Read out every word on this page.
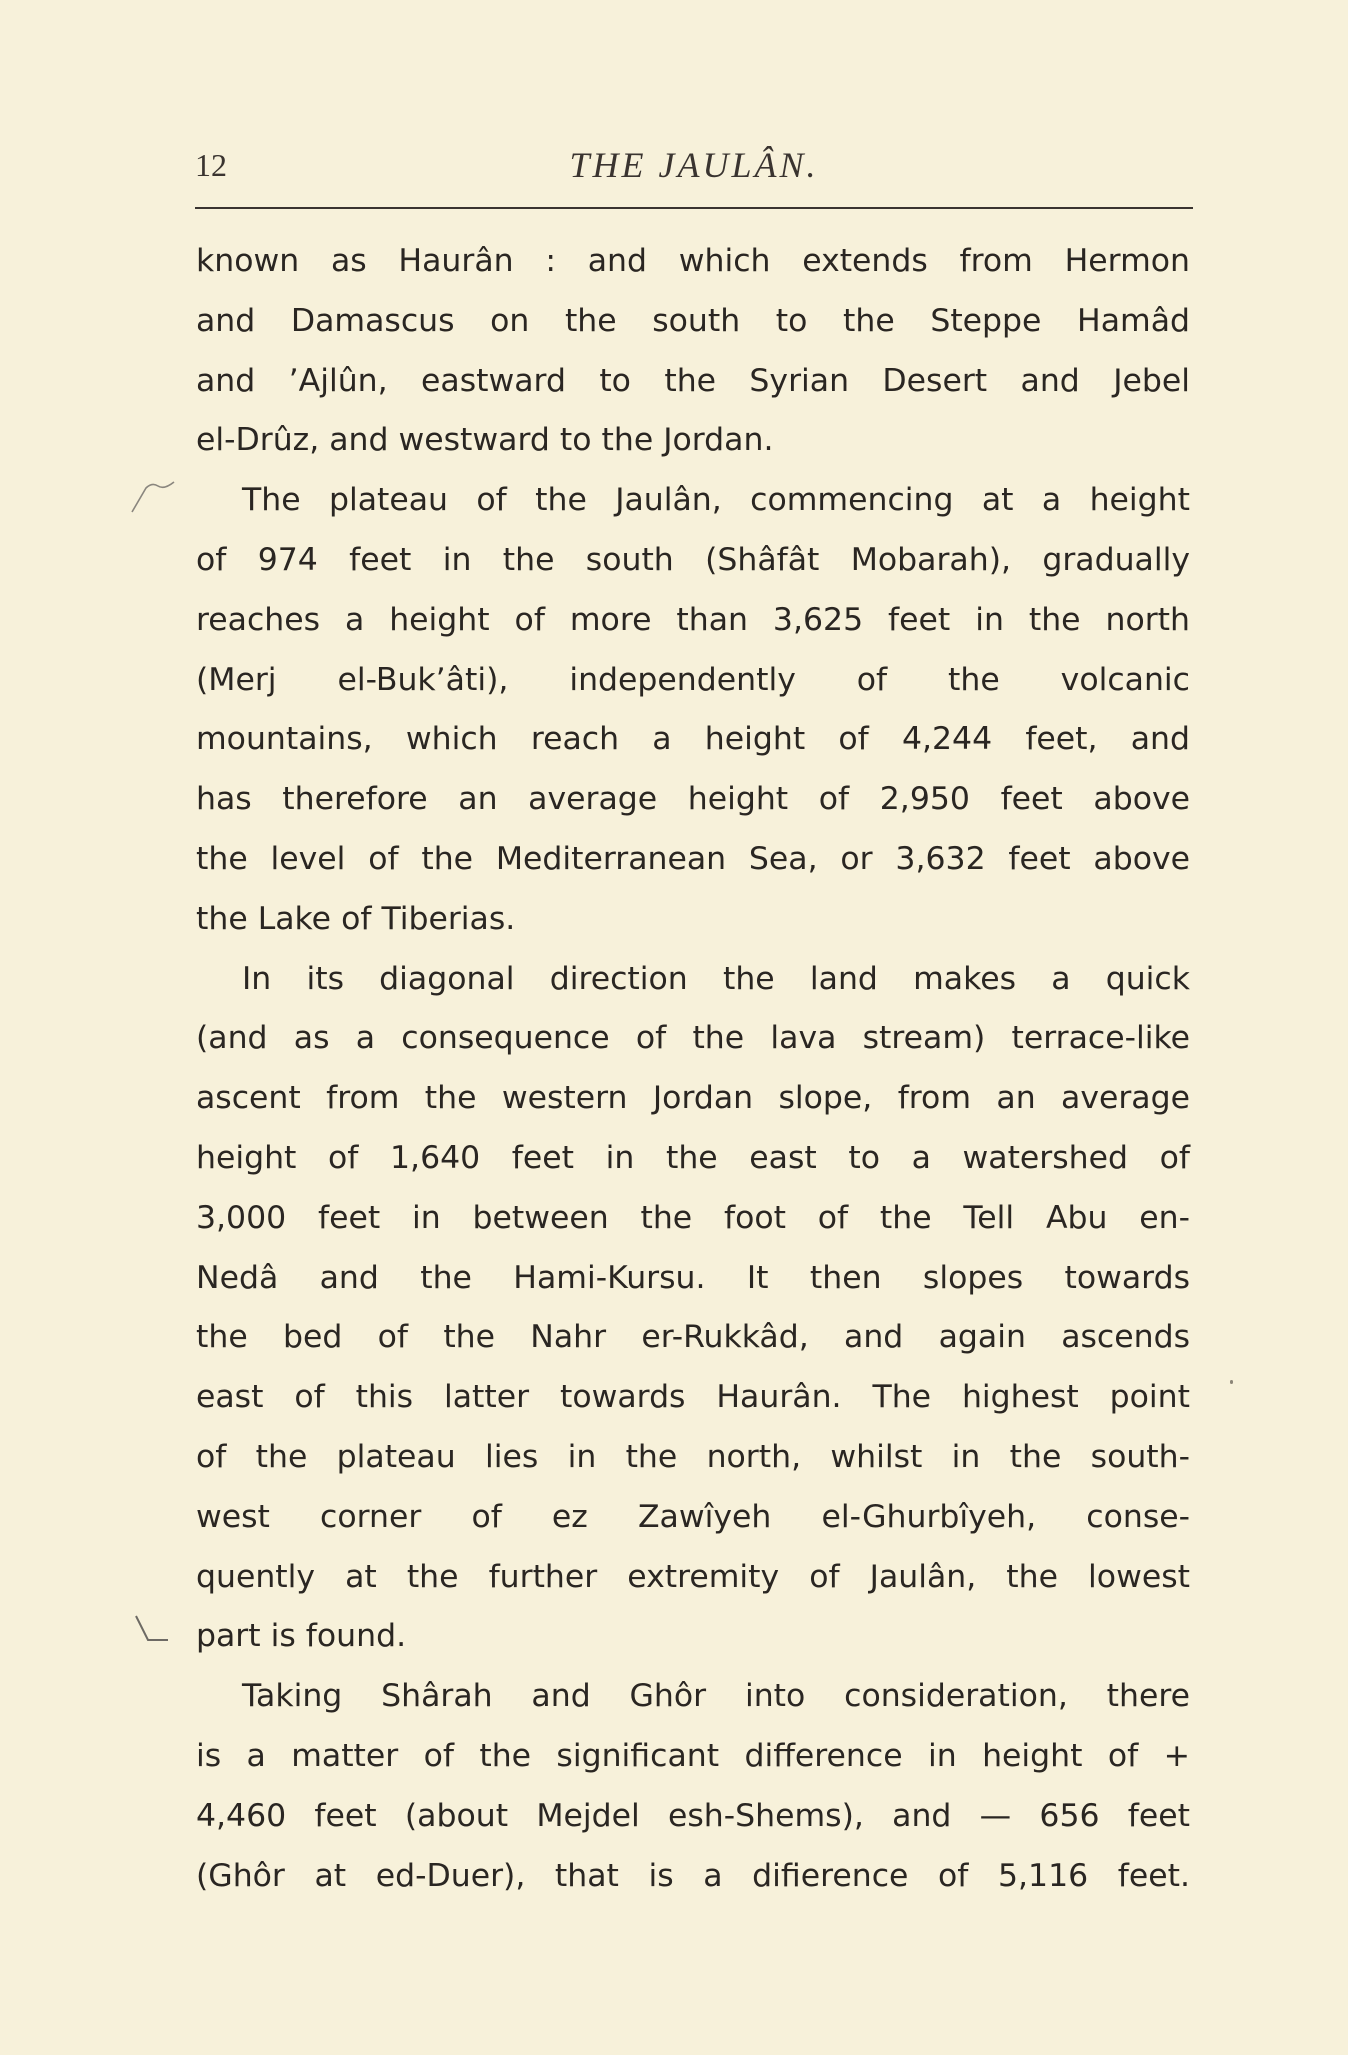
12	THE JAULÂN.
known as Haurân : and which extends from Hermon
and Damascus on the south to the Steppe Hamâd
and ’Ajlûn, eastward to the Syrian Desert and Jebel
el-Drûz, and westward to the Jordan.
The plateau of the Jaulân, commencing at a height
of 974 feet in the south (Shâfât Mobarah), gradually
reaches a height of more than 3,625 feet in the north
(Merj el-Buk’âti), independently of the volcanic
mountains, which reach a height of 4,244 feet, and
has therefore an average height of 2,950 feet above
the level of the Mediterranean Sea, or 3,632 feet above
the Lake of Tiberias.
In its diagonal direction the land makes a quick
(and as a consequence of the lava stream) terrace-like
ascent from the western Jordan slope, from an average
height of 1,640 feet in the east to a watershed of
3,000 feet in between the foot of the Tell Abu en-
Nedâ and the Hami-Kursu. It then slopes towards
the bed of the Nahr er-Rukkâd, and again ascends
east of this latter towards Haurân. The highest point
of the plateau lies in the north, whilst in the south-
west corner of ez Zawîyeh el-Ghurbîyeh, conse-
quently at the further extremity of Jaulân, the lowest
part is found.
Taking Shârah and Ghôr into consideration, there
is a matter of the significant difference in height of +
4,460 feet (about Mejdel esh-Shems), and — 656 feet
(Ghôr at ed-Duer), that is a difierence of 5,116 feet.
